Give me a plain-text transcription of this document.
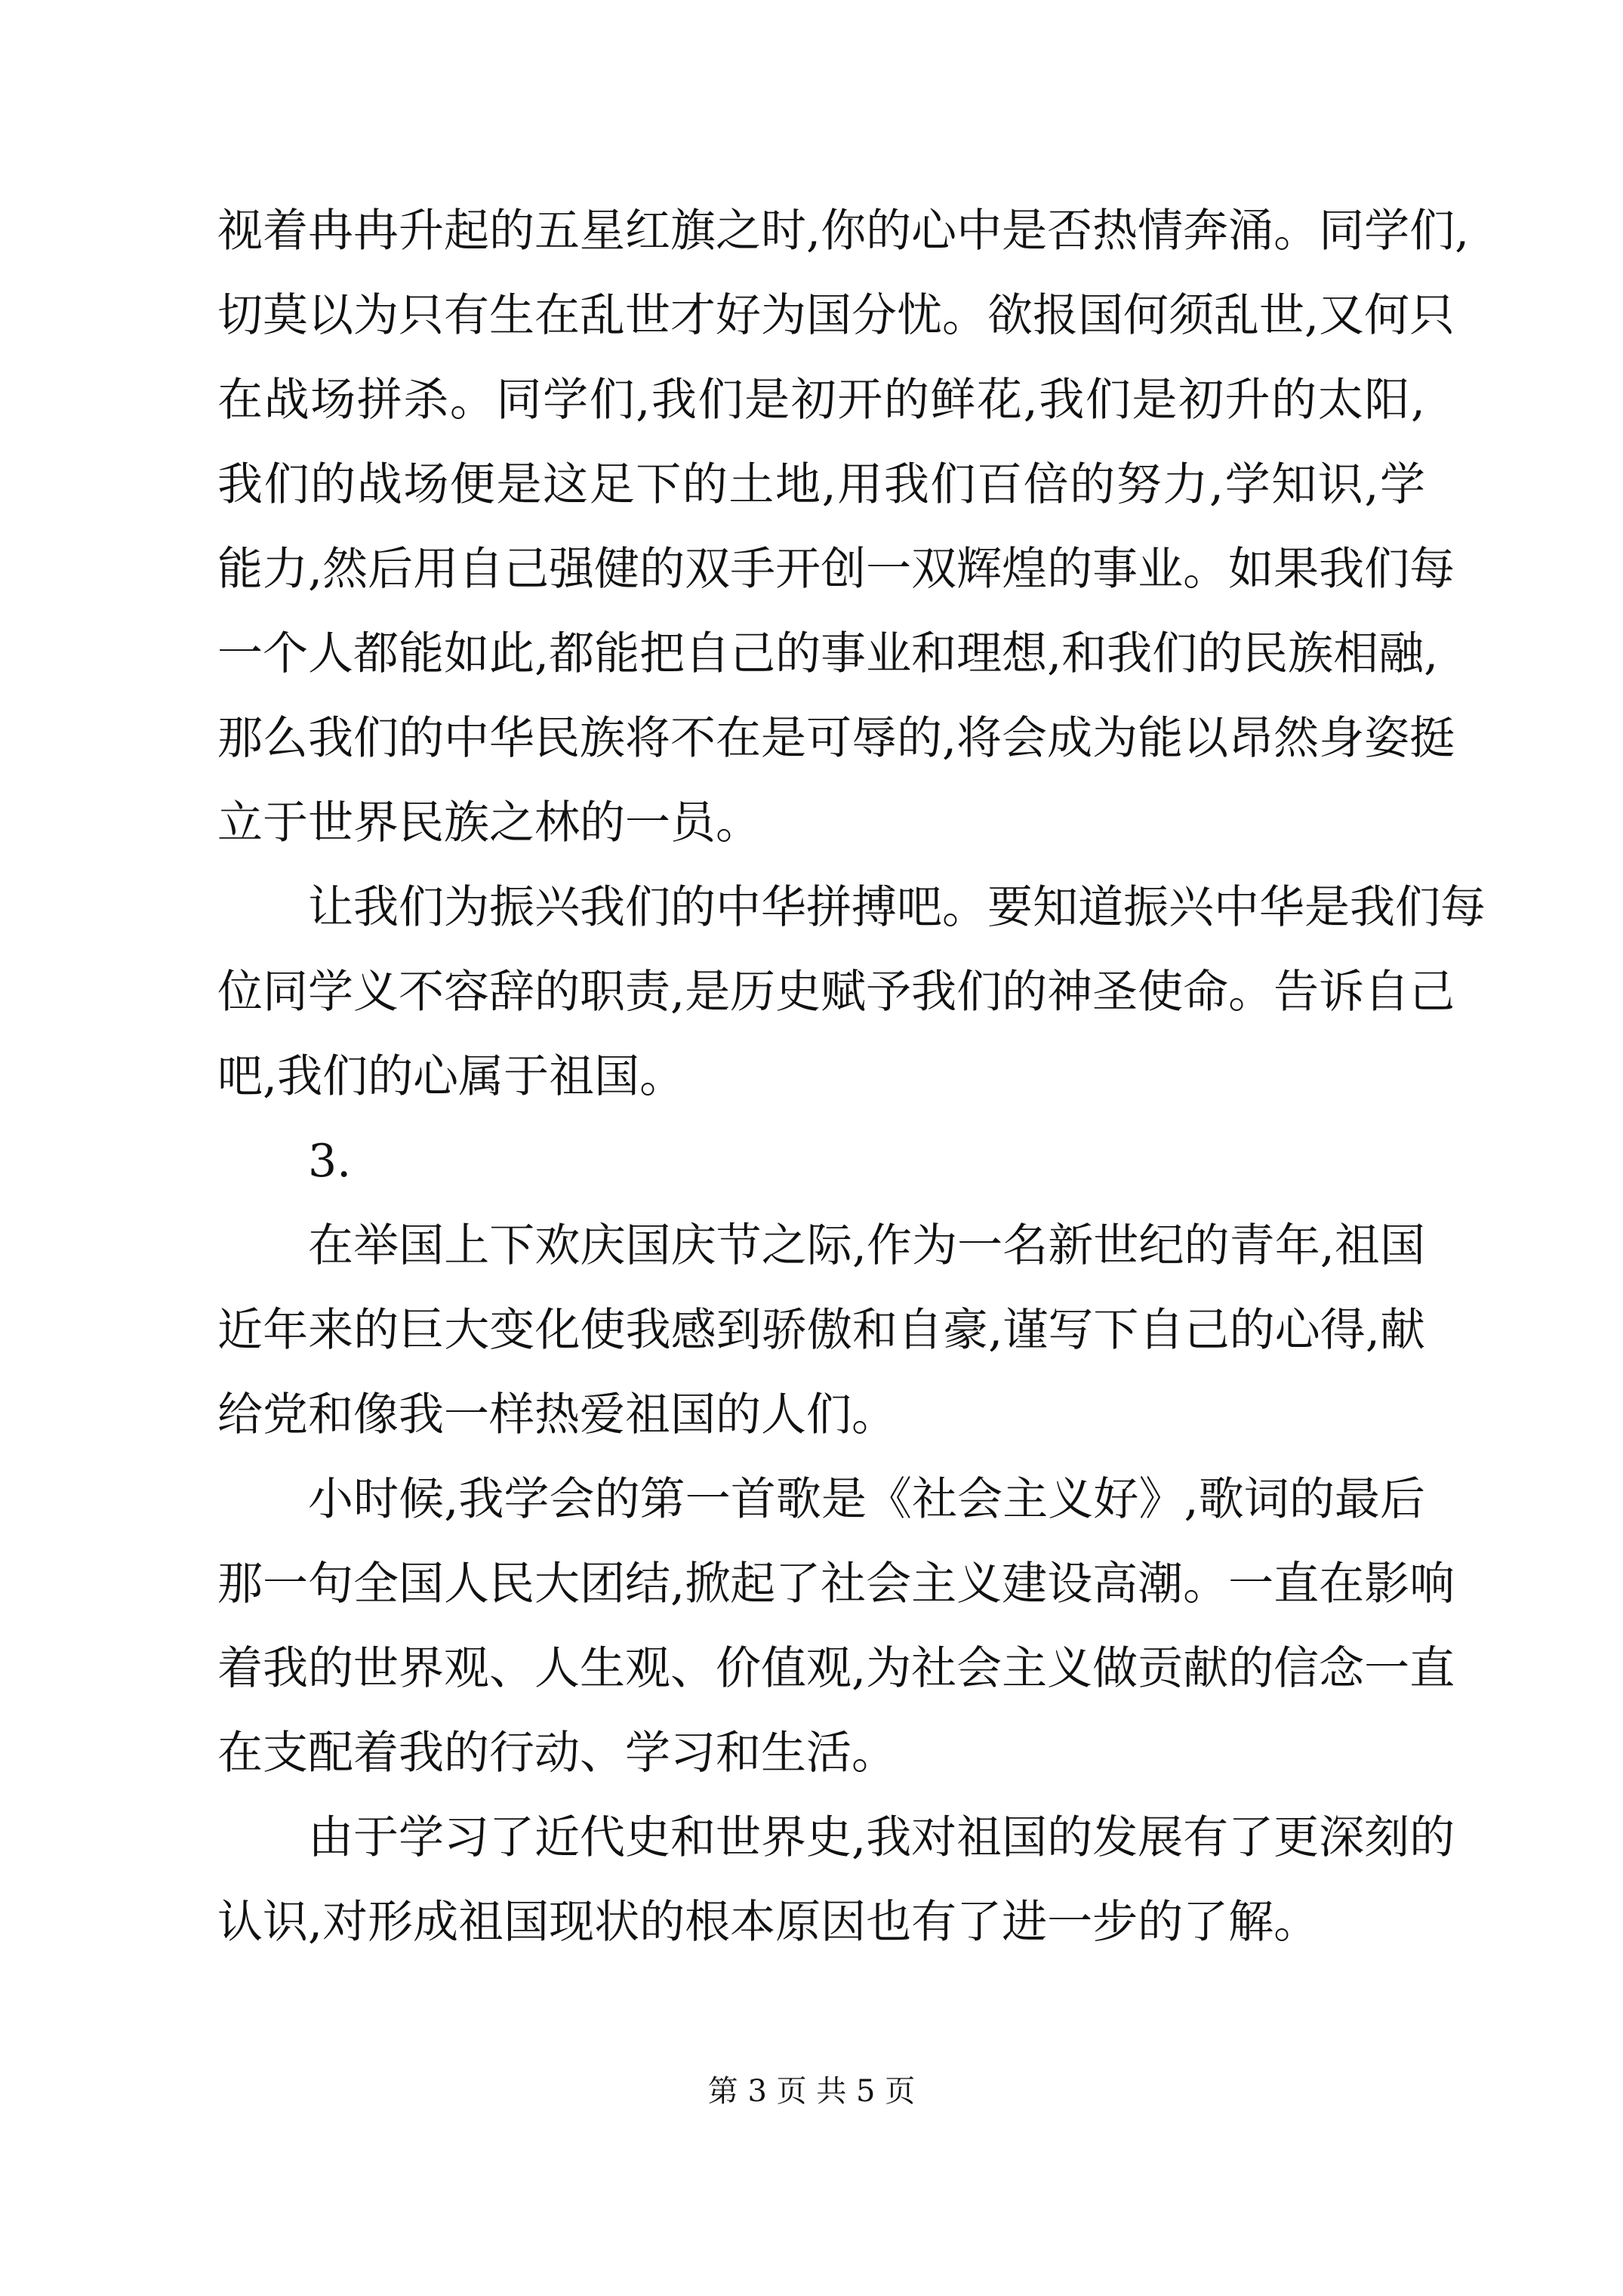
视着冉冉升起的五星红旗之时,你的心中是否热情奔涌。同学们,
切莫以为只有生在乱世才好为国分忧。欲报国何须乱世,又何只
在战场拼杀。同学们,我们是初开的鲜花,我们是初升的太阳,
我们的战场便是这足下的土地,用我们百倍的努力,学知识,学
能力,然后用自己强健的双手开创一双辉煌的事业。如果我们每
一个人都能如此,都能把自己的事业和理想,和我们的民族相融,
那么我们的中华民族将不在是可辱的,将会成为能以昂然身姿挺
立于世界民族之林的一员。
让我们为振兴我们的中华拼搏吧。要知道振兴中华是我们每
位同学义不容辞的职责,是历史赋予我们的神圣使命。告诉自己
吧,我们的心属于祖国。
3.
在举国上下欢庆国庆节之际,作为一名新世纪的青年,祖国
近年来的巨大变化使我感到骄傲和自豪,谨写下自己的心得,献
给党和像我一样热爱祖国的人们。
小时候,我学会的第一首歌是《社会主义好》,歌词的最后
那一句全国人民大团结,掀起了社会主义建设高潮。一直在影响
着我的世界观、人生观、价值观,为社会主义做贡献的信念一直
在支配着我的行动、学习和生活。
由于学习了近代史和世界史,我对祖国的发展有了更深刻的
认识,对形成祖国现状的根本原因也有了进一步的了解。
第 3 页 共 5 页
